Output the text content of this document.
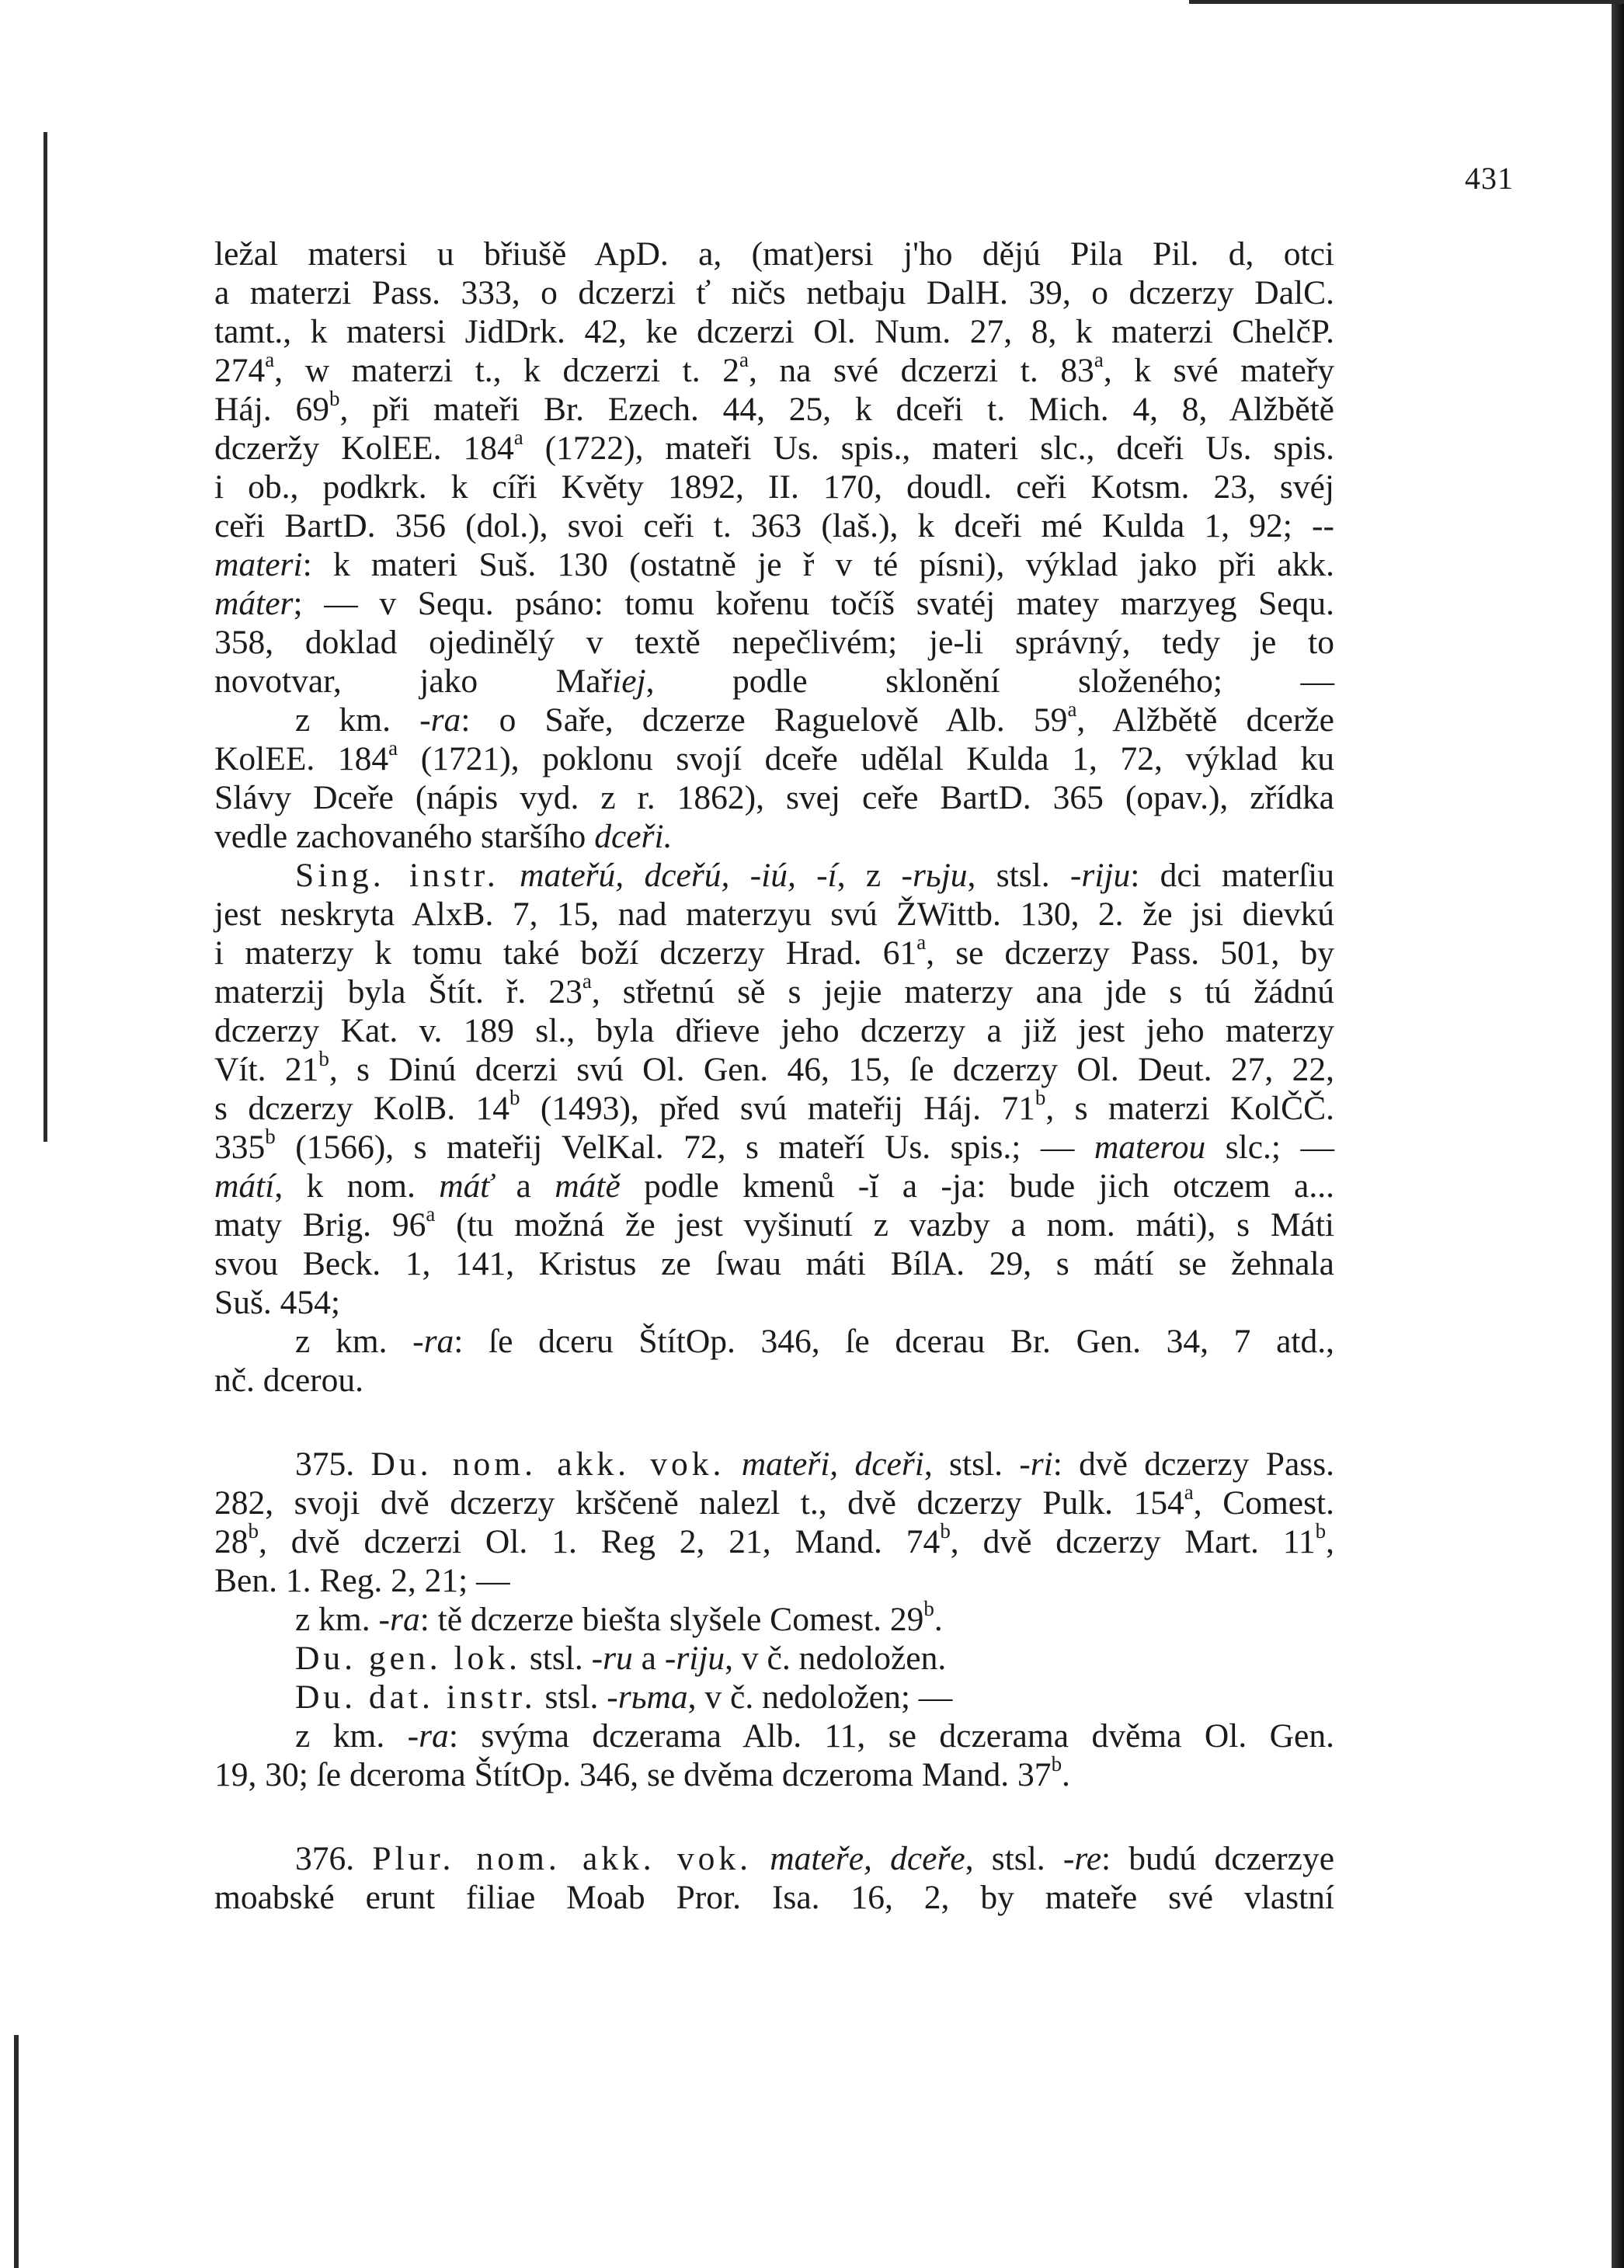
431
ležal matersi u břiušě ApD. a, (mat)ersi j'ho dějú Pila Pil. d, otci
a materzi Pass. 333, o dczerzi ť ničs netbaju DalH. 39, o dczerzy DalC.
tamt., k matersi JidDrk. 42, ke dczerzi Ol. Num. 27, 8, k materzi ChelčP.
274$^a$, w materzi t., k dczerzi t. 2$^a$, na své dczerzi t. 83$^a$, k své mateřy
Háj. 69$^b$, při mateři Br. Ezech. 44, 25, k dceři t. Mich. 4, 8, Alžbětě
dczeržy KolEE. 184$^a$ (1722), mateři Us. spis., materi slc., dceři Us. spis.
i ob., podkrk. k cíři Květy 1892, II. 170, doudl. ceři Kotsm. 23, svéj
ceři BartD. 356 (dol.), svoi ceři t. 363 (laš.), k dceři mé Kulda 1, 92; --
materi: k materi Suš. 130 (ostatně je ř v té písni), výklad jako při akk.
máter; — v Sequ. psáno: tomu kořenu točíš svatéj matey marzyeg Sequ.
358, doklad ojedinělý v textě nepečlivém; je-li správný, tedy je to
novotvar, jako Mařiej, podle sklonění složeného; —
z km. -ra: o Saře, dczerze Raguelově Alb. 59$^a$, Alžbětě dcerže
KolEE. 184$^a$ (1721), poklonu svojí dceře udělal Kulda 1, 72, výklad ku
Slávy Dceře (nápis vyd. z r. 1862), svej ceře BartD. 365 (opav.), zřídka
vedle zachovaného staršího dceři.
Sing. instr. mateřú, dceřú, -iú, -í, z -rьju, stsl. -riju: dci materſiu
jest neskryta AlxB. 7, 15, nad materzyu svú ŽWittb. 130, 2. že jsi dievkú
i materzy k tomu také boží dczerzy Hrad. 61$^a$, se dczerzy Pass. 501, by
materzij byla Štít. ř. 23$^a$, střetnú sě s jejie materzy ana jde s tú žádnú
dczerzy Kat. v. 189 sl., byla dřieve jeho dczerzy a již jest jeho materzy
Vít. 21$^b$, s Dinú dcerzi svú Ol. Gen. 46, 15, ſe dczerzy Ol. Deut. 27, 22,
s dczerzy KolB. 14$^b$ (1493), před svú mateřij Háj. 71$^b$, s materzi KolČČ.
335$^b$ (1566), s mateřij VelKal. 72, s mateří Us. spis.; — materou slc.; —
mátí, k nom. máť a mátě podle kmenů -ĭ a -ja: bude jich otczem a...
maty Brig. 96$^a$ (tu možná že jest vyšinutí z vazby a nom. máti), s Máti
svou Beck. 1, 141, Kristus ze ſwau máti BílA. 29, s mátí se žehnala
Suš. 454;
z km. -ra: ſe dceru ŠtítOp. 346, ſe dcerau Br. Gen. 34, 7 atd.,
nč. dcerou.
375. Du. nom. akk. vok. mateři, dceři, stsl. -ri: dvě dczerzy Pass.
282, svoji dvě dczerzy krščeně nalezl t., dvě dczerzy Pulk. 154$^a$, Comest.
28$^b$, dvě dczerzi Ol. 1. Reg 2, 21, Mand. 74$^b$, dvě dczerzy Mart. 11$^b$,
Ben. 1. Reg. 2, 21; —
z km. -ra: tě dczerze biešta slyšele Comest. 29$^b$.
Du. gen. lok. stsl. -ru a -riju, v č. nedoložen.
Du. dat. instr. stsl. -rьma, v č. nedoložen; —
z km. -ra: svýma dczerama Alb. 11, se dczerama dvěma Ol. Gen.
19, 30; ſe dceroma ŠtítOp. 346, se dvěma dczeroma Mand. 37$^b$.
376. Plur. nom. akk. vok. mateře, dceře, stsl. -re: budú dczerzye
moabské erunt filiae Moab Pror. Isa. 16, 2, by mateře své vlastní
